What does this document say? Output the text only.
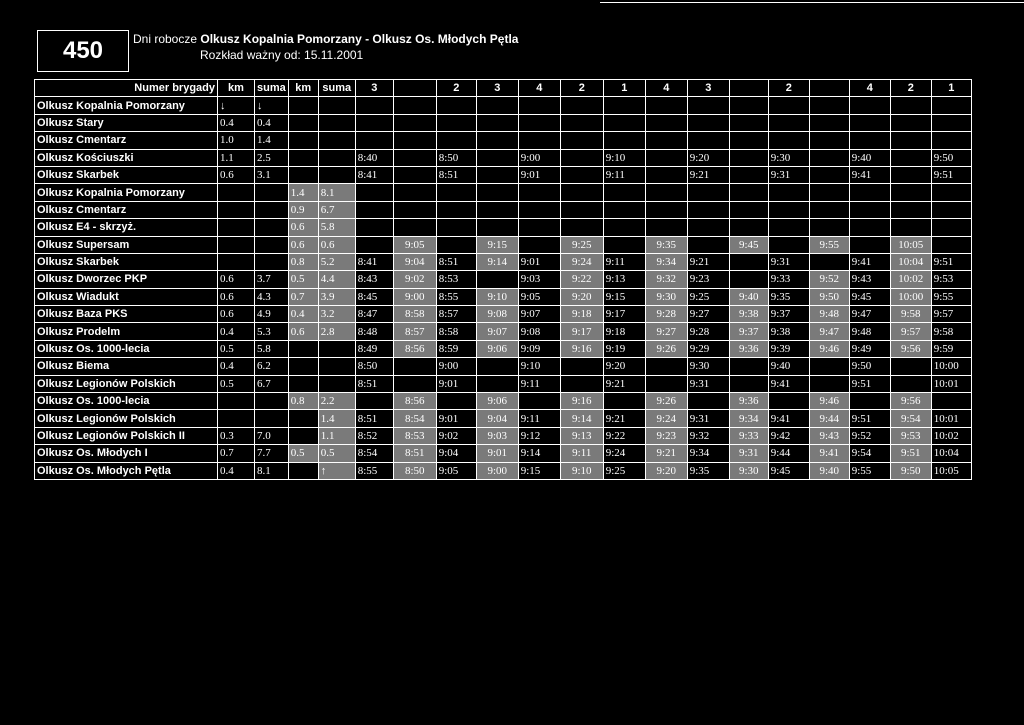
450 Dni robocze Olkusz Kopalnia Pomorzany - Olkusz Os. Młodych Pętla
Rozkład ważny od: 15.11.2001
Numer brygady	km	suma	km	suma	3		2	3	4	2	1	4	3		2		4	2	1
Olkusz Kopalnia Pomorzany	↓	↓																	
Olkusz Stary	0.4	0.4																	
Olkusz Cmentarz	1.0	1.4																	
Olkusz Kościuszki	1.1	2.5			8:40		8:50		9:00		9:10		9:20		9:30		9:40		9:50
Olkusz Skarbek	0.6	3.1			8:41		8:51		9:01		9:11		9:21		9:31		9:41		9:51
Olkusz Kopalnia Pomorzany			1.4	8.1															
Olkusz Cmentarz			0.9	6.7															
Olkusz E4 - skrzyż.			0.6	5.8															
Olkusz Supersam			0.6	0.6		9:05		9:15		9:25		9:35		9:45		9:55		10:05	
Olkusz Skarbek			0.8	5.2	8:41	9:04	8:51	9:14	9:01	9:24	9:11	9:34	9:21		9:31		9:41	10:04	9:51
Olkusz Dworzec PKP	0.6	3.7	0.5	4.4	8:43	9:02	8:53		9:03	9:22	9:13	9:32	9:23		9:33	9:52	9:43	10:02	9:53
Olkusz Wiadukt	0.6	4.3	0.7	3.9	8:45	9:00	8:55	9:10	9:05	9:20	9:15	9:30	9:25	9:40	9:35	9:50	9:45	10:00	9:55
Olkusz Baza PKS	0.6	4.9	0.4	3.2	8:47	8:58	8:57	9:08	9:07	9:18	9:17	9:28	9:27	9:38	9:37	9:48	9:47	9:58	9:57
Olkusz Prodelm	0.4	5.3	0.6	2.8	8:48	8:57	8:58	9:07	9:08	9:17	9:18	9:27	9:28	9:37	9:38	9:47	9:48	9:57	9:58
Olkusz Os. 1000-lecia	0.5	5.8			8:49	8:56	8:59	9:06	9:09	9:16	9:19	9:26	9:29	9:36	9:39	9:46	9:49	9:56	9:59
Olkusz Biema	0.4	6.2			8:50		9:00		9:10		9:20		9:30		9:40		9:50		10:00
Olkusz Legionów Polskich	0.5	6.7			8:51		9:01		9:11		9:21		9:31		9:41		9:51		10:01
Olkusz Os. 1000-lecia			0.8	2.2		8:56		9:06		9:16		9:26		9:36		9:46		9:56	
Olkusz Legionów Polskich				1.4	8:51	8:54	9:01	9:04	9:11	9:14	9:21	9:24	9:31	9:34	9:41	9:44	9:51	9:54	10:01
Olkusz Legionów Polskich II	0.3	7.0		1.1	8:52	8:53	9:02	9:03	9:12	9:13	9:22	9:23	9:32	9:33	9:42	9:43	9:52	9:53	10:02
Olkusz Os. Młodych I	0.7	7.7	0.5	0.5	8:54	8:51	9:04	9:01	9:14	9:11	9:24	9:21	9:34	9:31	9:44	9:41	9:54	9:51	10:04
Olkusz Os. Młodych Pętla	0.4	8.1		↑	8:55	8:50	9:05	9:00	9:15	9:10	9:25	9:20	9:35	9:30	9:45	9:40	9:55	9:50	10:05
